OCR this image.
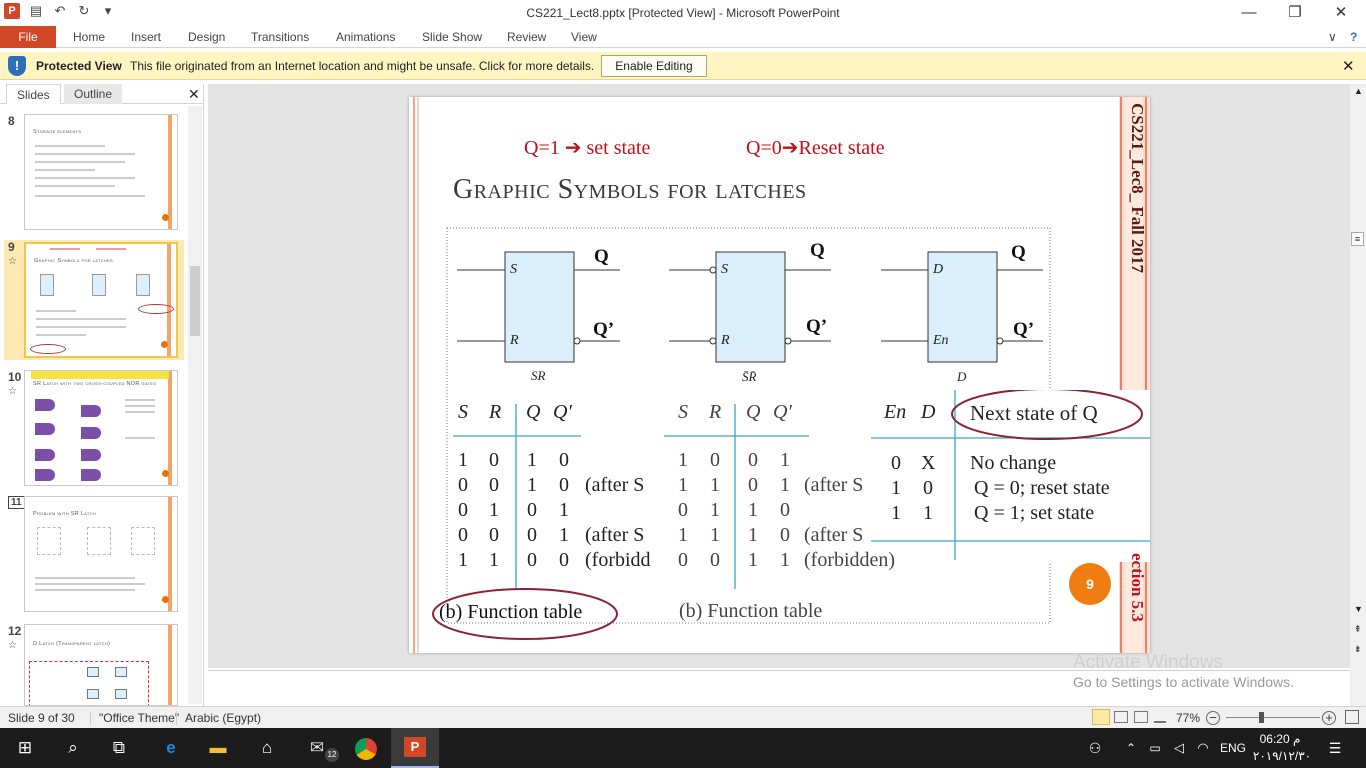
P	▤ ↶ ↻	▾	CS221_Lect8.pptx [Protected View] - Microsoft PowerPoint	—	❐	✕
File	Home Insert Design Transitions Animations Slide Show Review View	∨ ?
!	Protected View This file originated from an Internet location and might be unsafe. Click for more details.	Enable Editing	✕
Slides	Outline	✕
8
Storage elements
9
☆	Graphic Symbols for latches
10
☆
SR Latch with two cross-coupled NOR gates
11
Problem with SR Latch
12
☆	D Latch (Transparent latch)
Q=1 ➔ set state	Q=0➔Reset state
Graphic Symbols for latches	CS221_Lec8_ Fall 2017
ection 5.3
S
R
SR
S
R
S̄R̄
D
En
D
Q
Q’
Q
Q’
Q
Q’
S R Q Q′
1 0 1 0
0 0 1 0 (after S
0 1 0 1
0 0 0 1 (after S
1 1 0 0 (forbidd
S R Q Q′
1 0 0 1
1 1 0 1 (after S
0 1 1 0
1 1 1 0 (after S
0 0 1 1 (forbidden)
En D Next state of Q
0 X No change
1 0 Q = 0; reset state
1 1 Q = 1; set state
(b) Function table	(b) Function table
9
▲
≡
▼
⇞
⇟
Activate Windows
Go to Settings to activate Windows.
Slide 9 of 30	"Office Theme" Arabic (Egypt)	77% −	+
⊞	⌕	⧉	e	▬	⌂	✉ 12
P	⚇	⌃	▭	◁	◠ ENG
06:20 م
٢٠١٩/١٢/٣٠	☰
